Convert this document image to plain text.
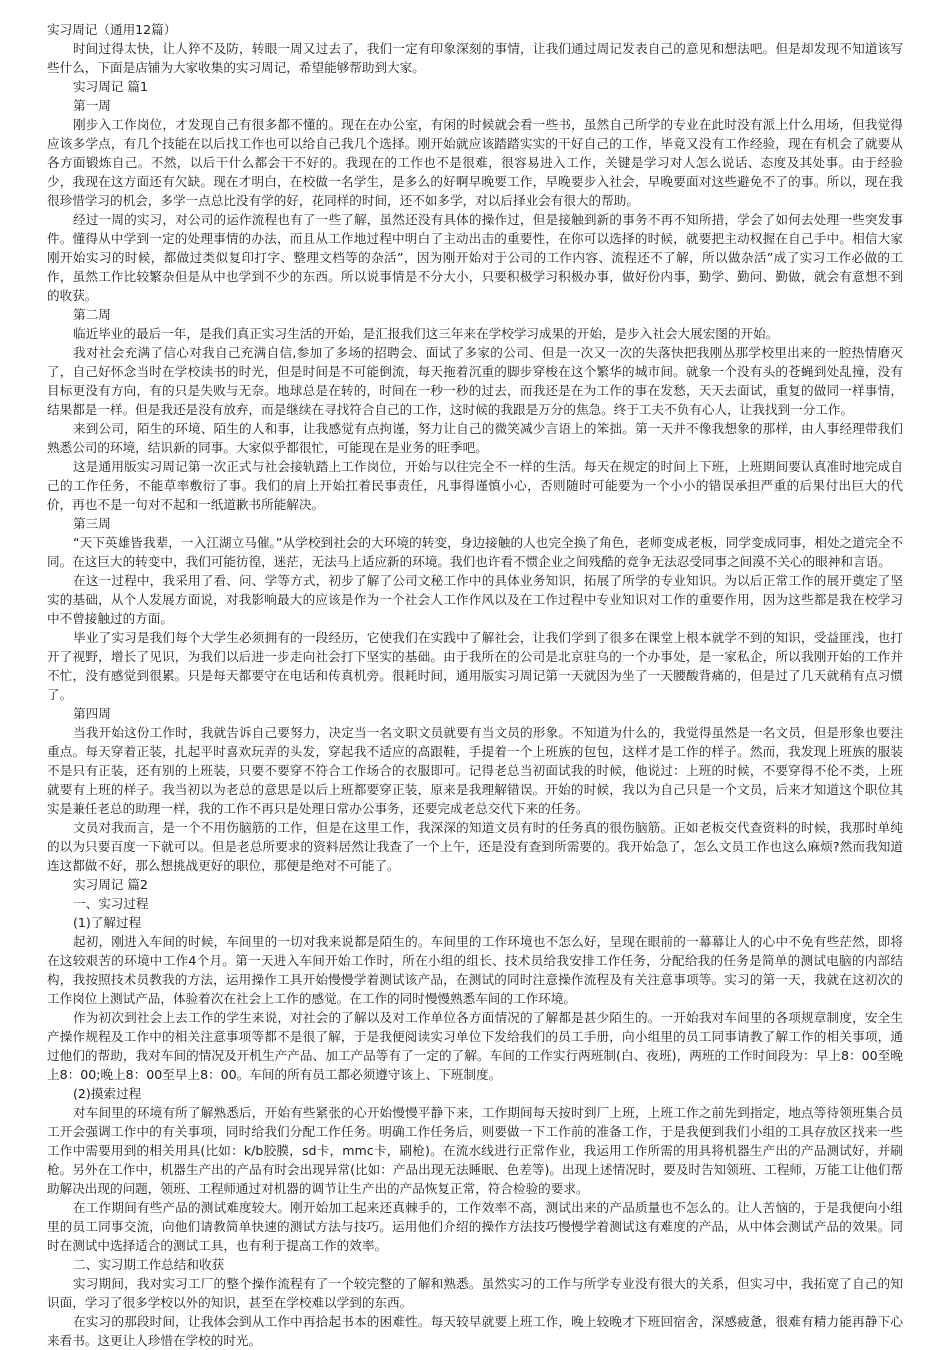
实习周记（通用12篇）

时间过得太快，让人猝不及防，转眼一周又过去了，我们一定有印象深刻的事情，让我们通过周记发表自己的意见和想法吧。但是却发现不知道该写些什么，下面是店铺为大家收集的实习周记，希望能够帮助到大家。

实习周记 篇1

第一周

刚步入工作岗位，才发现自己有很多都不懂的。现在在办公室，有闲的时候就会看一些书，虽然自己所学的专业在此时没有派上什么用场，但我觉得应该多学点，有几个技能在以后找工作也可以给自己我几个选择。刚开始就应该踏踏实实的干好自己的工作，毕竟又没有工作经验，现在有机会了就要从各方面锻炼自己。不然，以后干什么都会干不好的。我现在的工作也不是很难，很容易进入工作，关键是学习对人怎么说话、态度及其处事。由于经验少，我现在这方面还有欠缺。现在才明白，在校做一名学生，是多么的好啊早晚要工作，早晚要步入社会，早晚要面对这些避免不了的事。所以，现在我很珍惜学习的机会，多学一点总比没有学的好，花同样的时间，还不如多学，对以后择业会有很大的帮助。

经过一周的实习，对公司的运作流程也有了一些了解，虽然还没有具体的操作过，但是接触到新的事务不再不知所措，学会了如何去处理一些突发事件。懂得从中学到一定的处理事情的办法，而且从工作地过程中明白了主动出击的重要性，在你可以选择的时候，就要把主动权握在自己手中。相信大家刚开始实习的时候，都做过类似复印打字、整理文档等的杂活”，因为刚开始对于公司的工作内容、流程还不了解，所以做杂活”成了实习工作必做的工作，虽然工作比较繁杂但是从中也学到不少的东西。所以说事情是不分大小，只要积极学习积极办事，做好份内事，勤学、勤问、勤做，就会有意想不到的收获。

第二周

临近毕业的最后一年，是我们真正实习生活的开始，是汇报我们这三年来在学校学习成果的开始，是步入社会大展宏图的开始。

我对社会充满了信心对我自己充满自信,参加了多场的招聘会、面试了多家的公司、但是一次又一次的失落快把我刚丛那学校里出来的一腔热情磨灭了，自己好怀念当时在学校读书的时光，但是时间是不可能倒流，每天拖着沉重的脚步穿梭在这个繁华的城市间。就象一个没有头的苍蝇到处乱撞，没有目标更没有方向，有的只是失败与无奈。地球总是在转的，时间在一秒一秒的过去，而我还是在为工作的事在发愁，天天去面试，重复的做同一样事情，结果都是一样。但是我还是没有放弃，而是继续在寻找符合自己的工作，这时候的我跟是万分的焦急。终于工夫不负有心人，让我找到一分工作。

来到公司，陌生的环境、陌生的人和事，让我感觉有点拘谨，努力让自己的微笑减少言语上的笨拙。第一天并不像我想象的那样，由人事经理带我们熟悉公司的环境，结识新的同事。大家似乎都很忙，可能现在是业务的旺季吧。

这是通用版实习周记第一次正式与社会接轨踏上工作岗位，开始与以往完全不一样的生活。每天在规定的时间上下班，上班期间要认真准时地完成自己的工作任务，不能草率敷衍了事。我们的肩上开始扛着民事责任，凡事得谨慎小心，否则随时可能要为一个小小的错误承担严重的后果付出巨大的代价，再也不是一句对不起和一纸道歉书所能解决。

第三周

“天下英雄皆我辈，一入江湖立马催。”从学校到社会的大环境的转变，身边接触的人也完全换了角色，老师变成老板，同学变成同事，相处之道完全不同。在这巨大的转变中，我们可能彷徨，迷茫，无法马上适应新的环境。我们也许看不惯企业之间残酷的竞争无法忍受同事之间漠不关心的眼神和言语。

在这一过程中，我采用了看、问、学等方式，初步了解了公司文秘工作中的具体业务知识，拓展了所学的专业知识。为以后正常工作的展开奠定了坚实的基础，从个人发展方面说，对我影响最大的应该是作为一个社会人工作作风以及在工作过程中专业知识对工作的重要作用，因为这些都是我在校学习中不曾接触过的方面。

毕业了实习是我们每个大学生必须拥有的一段经历，它使我们在实践中了解社会，让我们学到了很多在课堂上根本就学不到的知识，受益匪浅，也打开了视野，增长了见识，为我们以后进一步走向社会打下坚实的基础。由于我所在的公司是北京驻乌的一个办事处，是一家私企，所以我刚开始的工作并不忙，没有感觉到很累。只是每天都要守在电话和传真机旁。很耗时间，通用版实习周记第一天就因为坐了一天腰酸背痛的，但是过了几天就稍有点习惯了。

第四周

当我开始这份工作时，我就告诉自己要努力，决定当一名文职文员就要有当文员的形象。不知道为什么的，我觉得虽然是一名文员，但是形象也要注重点。每天穿着正装，扎起平时喜欢玩弄的头发，穿起我不适应的高跟鞋，手提着一个上班族的包包，这样才是工作的样子。然而，我发现上班族的服装不是只有正装，还有别的上班装，只要不要穿不符合工作场合的衣服即可。记得老总当初面试我的时候，他说过：上班的时候，不要穿得不伦不类，上班就要有上班的样子。我当初以为老总的意思是以后上班都要穿正装，原来是我理解错误。开始的时候，我以为自己只是一个文员，后来才知道这个职位其实是兼任老总的助理一样，我的工作不再只是处理日常办公事务，还要完成老总交代下来的任务。

文员对我而言，是一个不用伤脑筋的工作，但是在这里工作，我深深的知道文员有时的任务真的很伤脑筋。正如老板交代查资料的时候，我那时单纯的以为只要百度一下就可以。但是老总所要求的资料居然让我查了一个上午，还是没有查到所需要的。我开始急了，怎么文员工作也这么麻烦?然而我知道连这都做不好，那么想挑战更好的职位，那便是绝对不可能了。

实习周记 篇2

一、实习过程

(1)了解过程

起初，刚进入车间的时候，车间里的一切对我来说都是陌生的。车间里的工作环境也不怎么好，呈现在眼前的一幕幕让人的心中不免有些茫然，即将在这较艰苦的环境中工作4个月。第一天进入车间开始工作时，所在小组的组长、技术员给我安排工作任务，分配给我的任务是简单的测试电脑的内部结构，我按照技术员教我的方法，运用操作工具开始慢慢学着测试该产品，在测试的同时注意操作流程及有关注意事项等。实习的第一天，我就在这初次的工作岗位上测试产品，体验着次在社会上工作的感觉。在工作的同时慢慢熟悉车间的工作环境。

作为初次到社会上去工作的学生来说，对社会的了解以及对工作单位各方面情况的了解都是甚少陌生的。一开始我对车间里的各项规章制度，安全生产操作规程及工作中的相关注意事项等都不是很了解，于是我便阅读实习单位下发给我们的员工手册，向小组里的员工同事请教了解工作的相关事项，通过他们的帮助，我对车间的情况及开机生产产品、加工产品等有了一定的了解。车间的工作实行两班制(白、夜班)，两班的工作时间段为：早上8：00至晚上8：00;晚上8：00至早上8：00。车间的所有员工都必须遵守该上、下班制度。

(2)摸索过程

对车间里的环境有所了解熟悉后，开始有些紧张的心开始慢慢平静下来，工作期间每天按时到厂上班，上班工作之前先到指定，地点等待领班集合员工开会强调工作中的有关事项，同时给我们分配工作任务。明确工作任务后，则要做一下工作前的准备工作，于是我便到我们小组的工具存放区找来一些工作中需要用到的相关用具(比如：k/b胶膜，sd卡，mmc卡，刷枪)。在流水线进行正常作业，我运用工作所需的用具将机器生产出的产品测试好，并刷枪。另外在工作中，机器生产出的产品有时会出现异常(比如：产品出现无法睡眠、色差等)。出现上述情况时，要及时告知领班、工程师，万能工让他们帮助解决出现的问题，领班、工程师通过对机器的调节让生产出的产品恢复正常，符合检验的要求。

在工作期间有些产品的测试难度较大。刚开始加工起来还真棘手的，工作效率不高，测试出来的产品质量也不怎么的。让人苦恼的，于是我便向小组里的员工同事交流，向他们请教简单快速的测试方法与技巧。运用他们介绍的操作方法技巧慢慢学着测试这有难度的产品，从中体会测试产品的效果。同时在测试中选择适合的测试工具，也有利于提高工作的效率。

二、实习期工作总结和收获

实习期间，我对实习工厂的整个操作流程有了一个较完整的了解和熟悉。虽然实习的工作与所学专业没有很大的关系，但实习中，我拓宽了自己的知识面，学习了很多学校以外的知识，甚至在学校难以学到的东西。

在实习的那段时间，让我体会到从工作中再拾起书本的困难性。每天较早就要上班工作，晚上较晚才下班回宿舍，深感疲惫，很难有精力能再静下心来看书。这更让人珍惜在学校的时光。
